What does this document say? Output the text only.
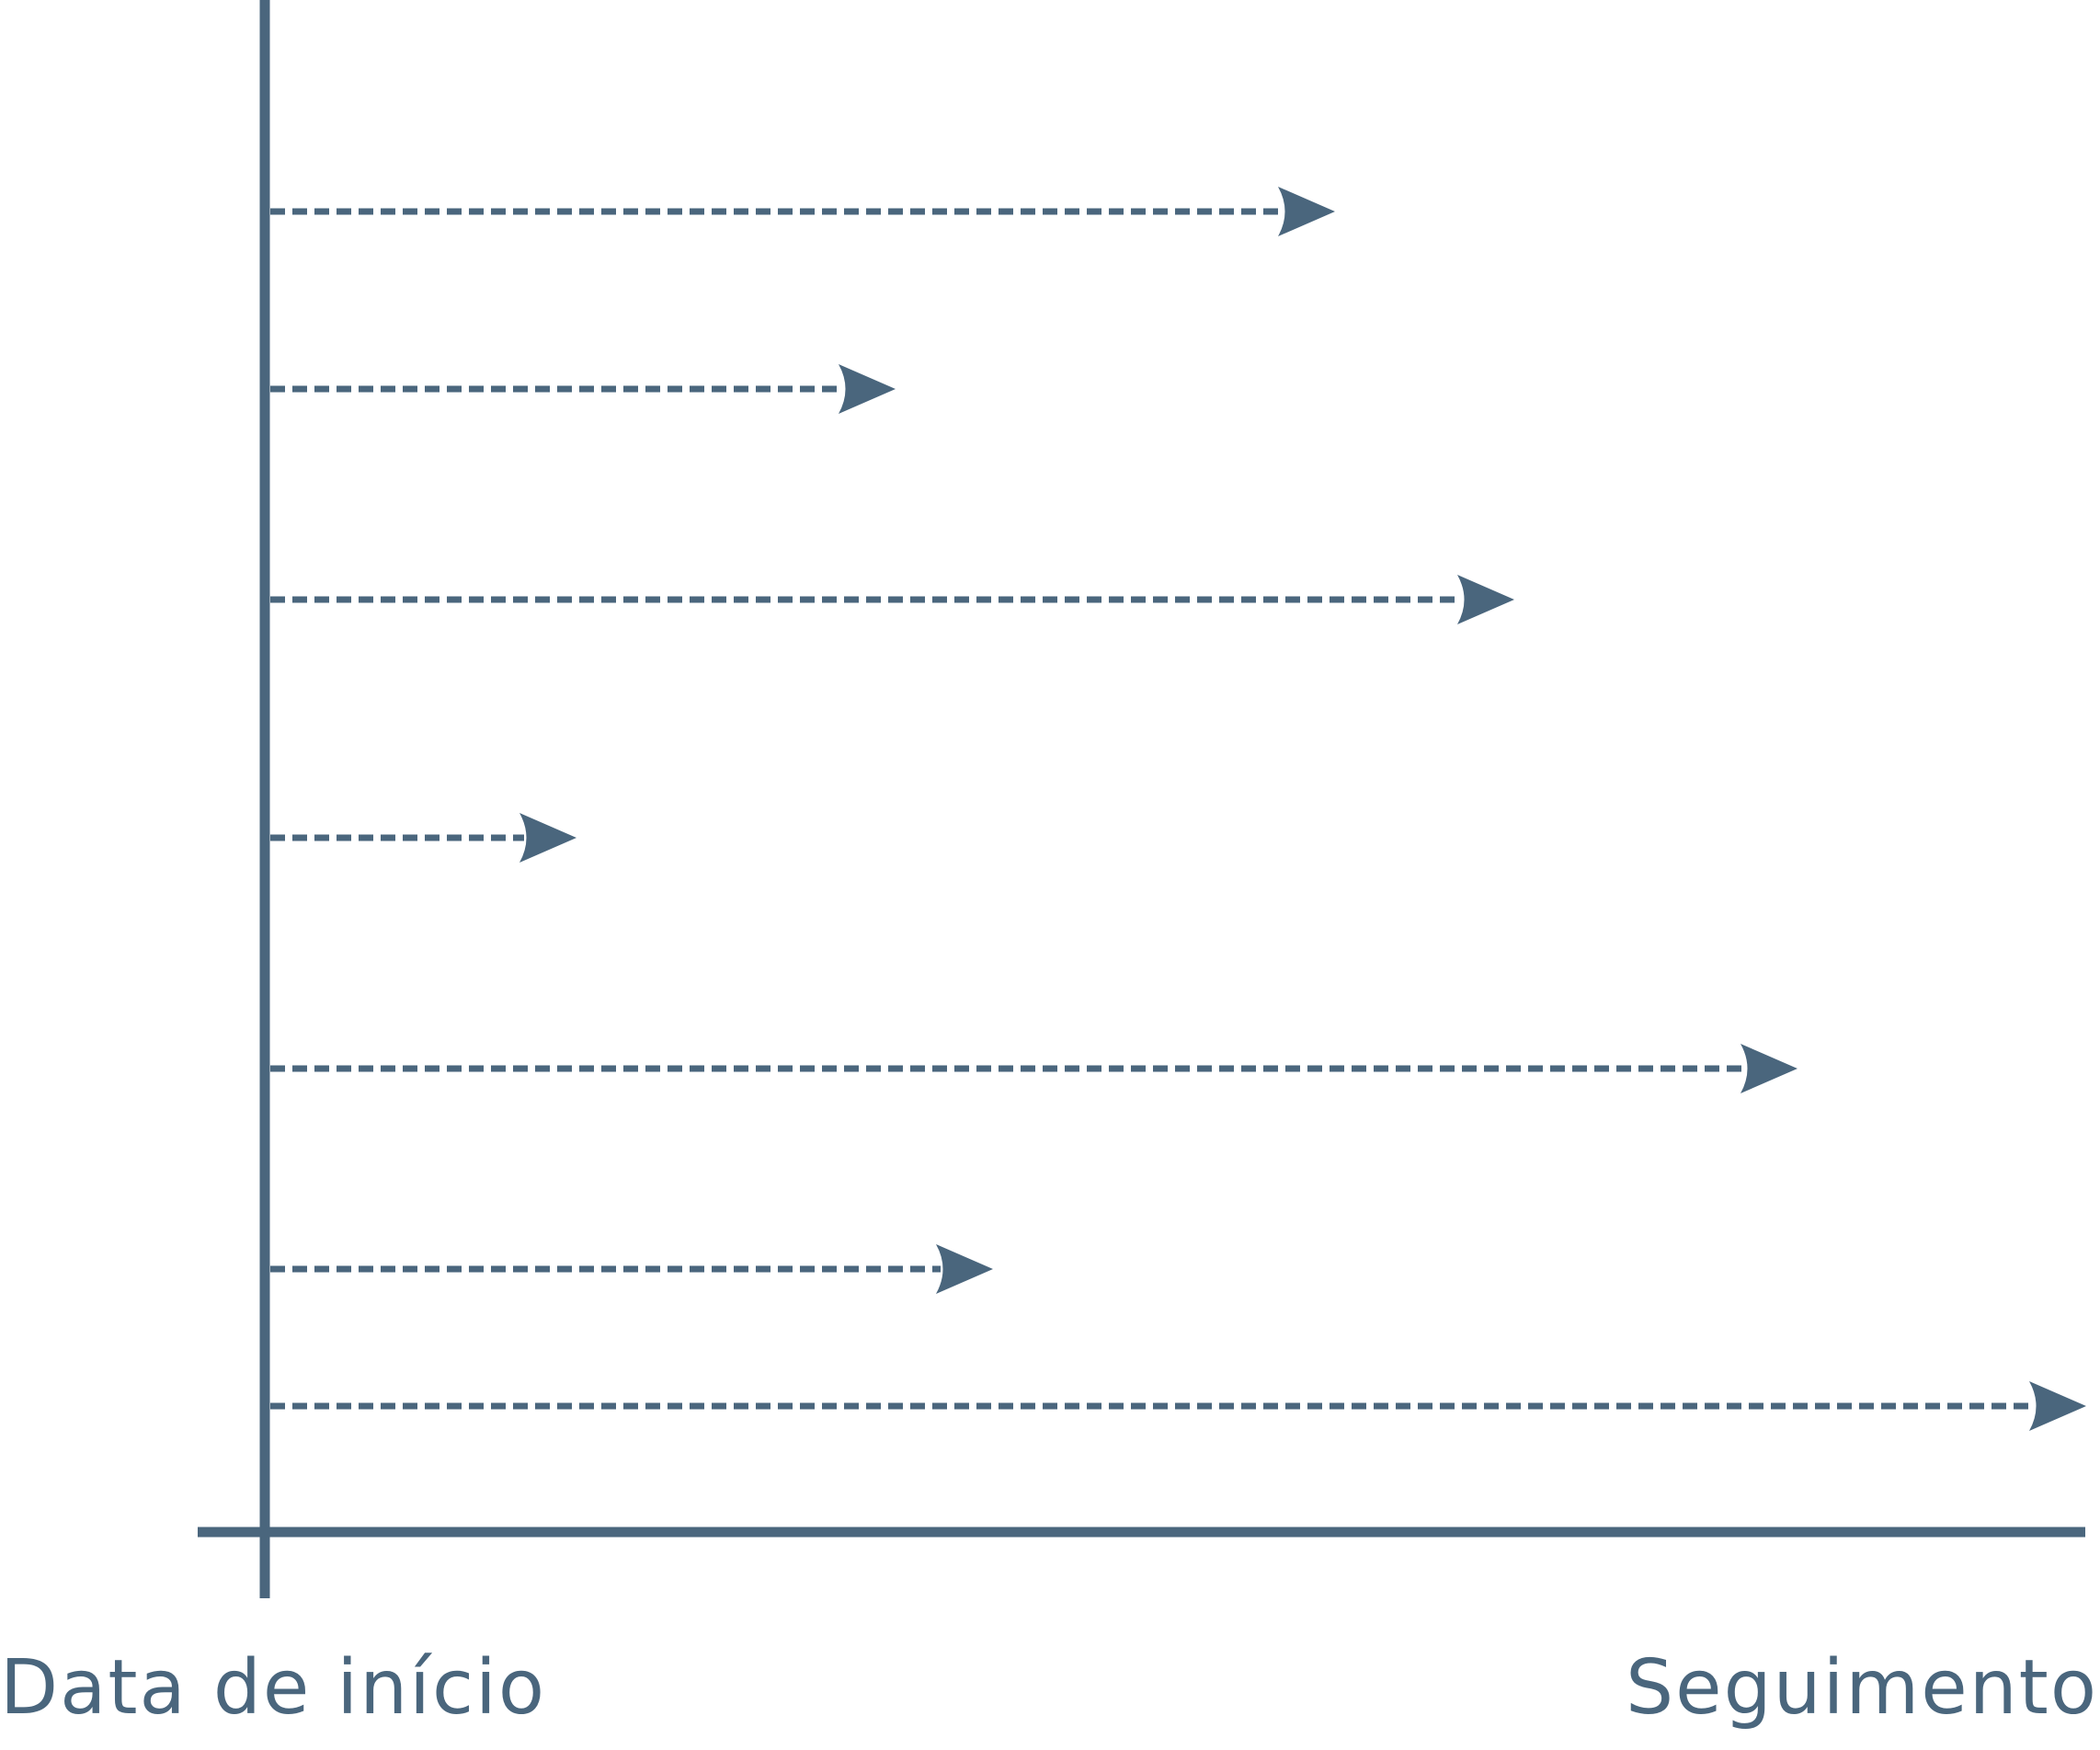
Data de início	Seguimento
